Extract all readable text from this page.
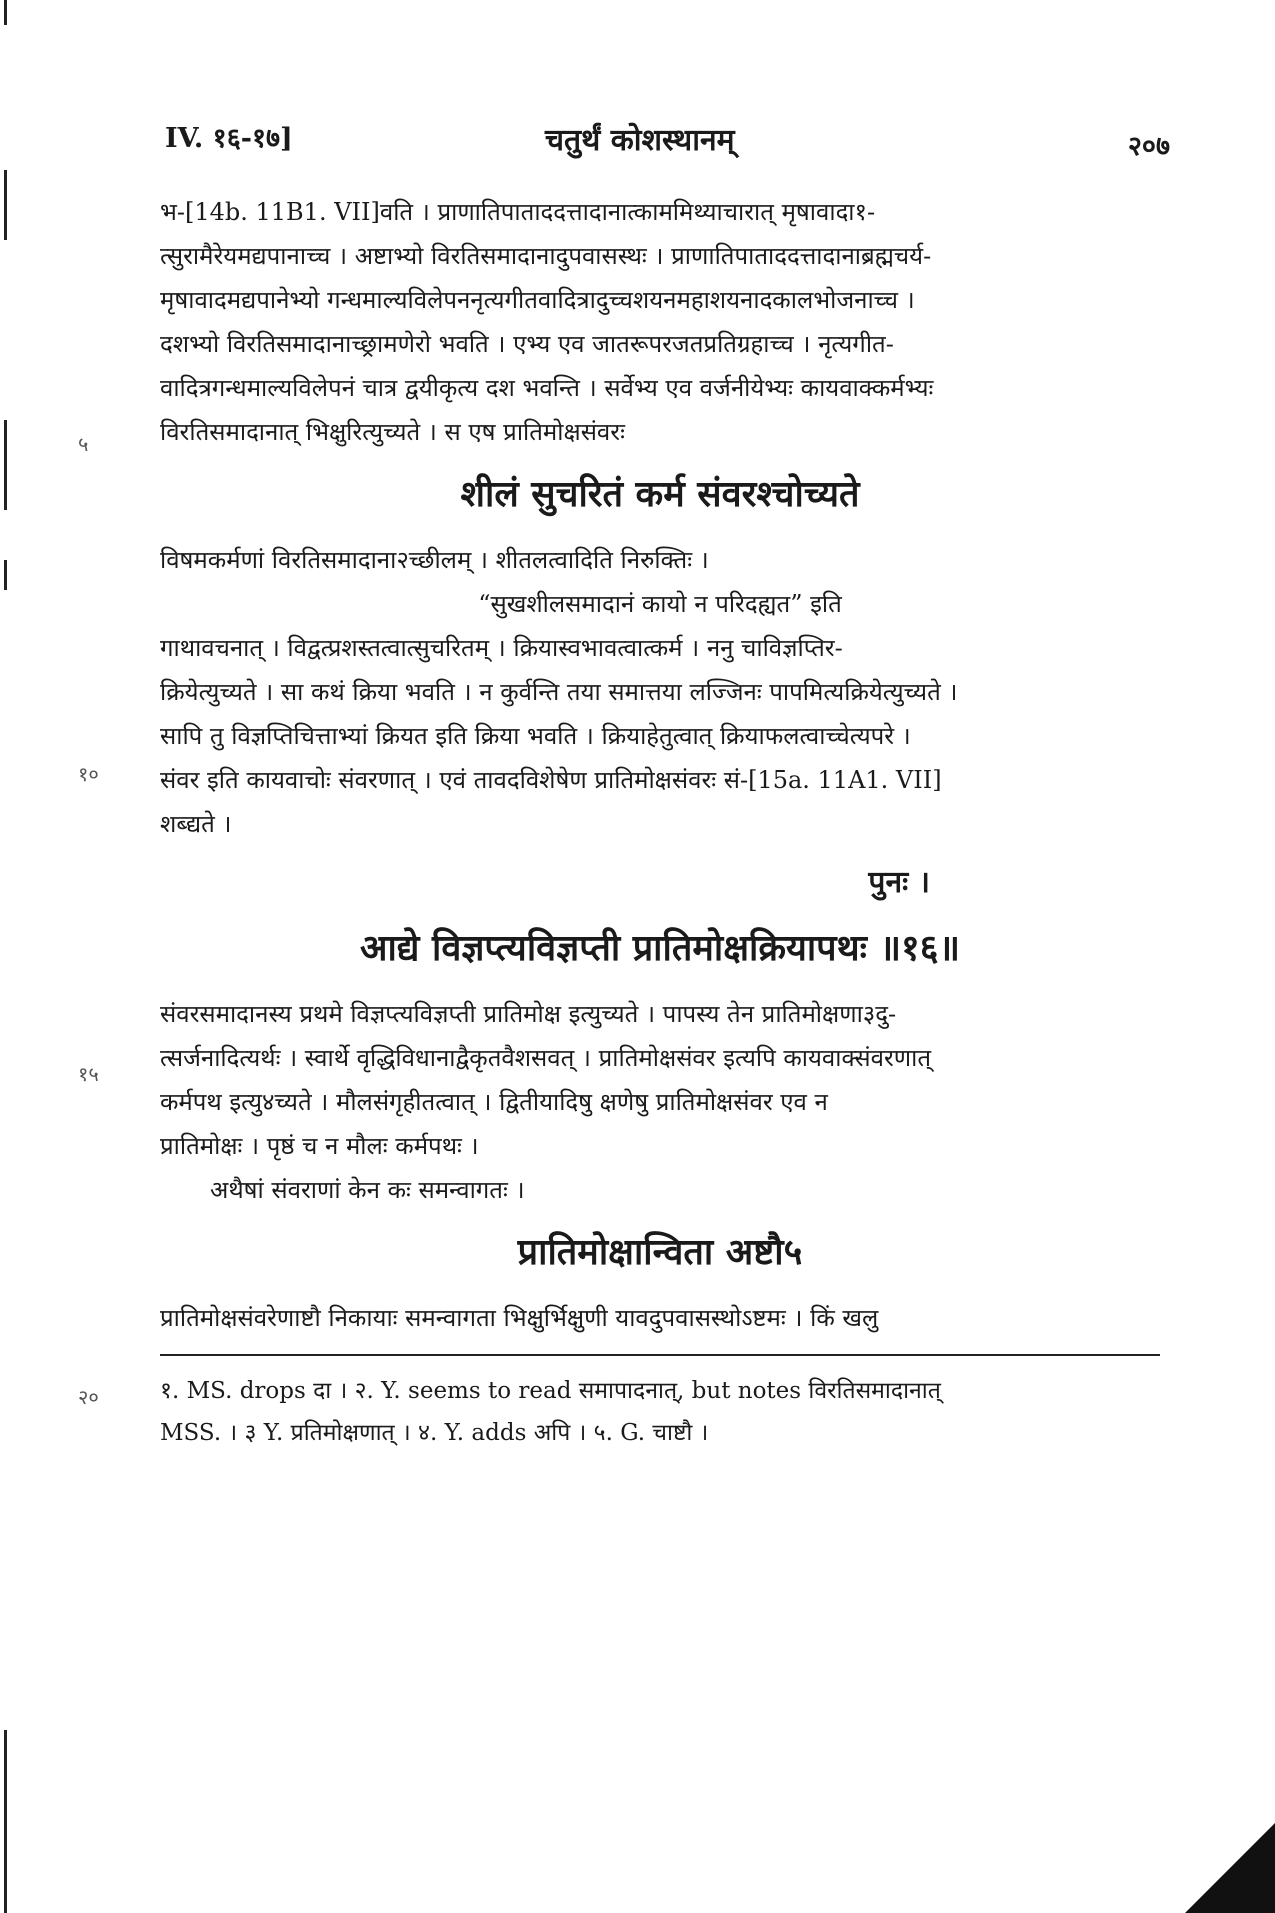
IV. १६-१७]	चतुर्थं कोशस्थानम्	२०७
५
१०
१५
२०
भ-[14b. 11B1. VII]वति । प्राणातिपाताददत्तादानात्काममिथ्याचारात् मृषावादा१-
त्सुरामैरेयमद्यपानाच्च । अष्टाभ्यो विरतिसमादानादुपवासस्थः । प्राणातिपाताददत्तादानाब्रह्मचर्य-
मृषावादमद्यपानेभ्यो गन्धमाल्यविलेपननृत्यगीतवादित्रादुच्चशयनमहाशयनादकालभोजनाच्च ।
दशभ्यो विरतिसमादानाच्छ्रामणेरो भवति । एभ्य एव जातरूपरजतप्रतिग्रहाच्च । नृत्यगीत-
वादित्रगन्धमाल्यविलेपनं चात्र द्वयीकृत्य दश भवन्ति । सर्वेभ्य एव वर्जनीयेभ्यः कायवाक्कर्मभ्यः
विरतिसमादानात् भिक्षुरित्युच्यते । स एष प्रातिमोक्षसंवरः
शीलं सुचरितं कर्म संवरश्चोच्यते
विषमकर्मणां विरतिसमादाना२च्छीलम् । शीतलत्वादिति निरुक्तिः ।
“सुखशीलसमादानं कायो न परिदह्यत” इति
गाथावचनात् । विद्वत्प्रशस्तत्वात्सुचरितम् । क्रियास्वभावत्वात्कर्म । ननु चाविज्ञप्तिर-
क्रियेत्युच्यते । सा कथं क्रिया भवति । न कुर्वन्ति तया समात्तया लज्जिनः पापमित्यक्रियेत्युच्यते ।
सापि तु विज्ञप्तिचित्ताभ्यां क्रियत इति क्रिया भवति । क्रियाहेतुत्वात् क्रियाफलत्वाच्चेत्यपरे ।
संवर इति कायवाचोः संवरणात् । एवं तावदविशेषेण प्रातिमोक्षसंवरः सं-[15a. 11A1. VII]
शब्द्यते ।
पुनः ।
आद्ये विज्ञप्त्यविज्ञप्ती प्रातिमोक्षक्रियापथः ॥१६॥
संवरसमादानस्य प्रथमे विज्ञप्त्यविज्ञप्ती प्रातिमोक्ष इत्युच्यते । पापस्य तेन प्रातिमोक्षणा३दु-
त्सर्जनादित्यर्थः । स्वार्थे वृद्धिविधानाद्वैकृतवैशसवत् । प्रातिमोक्षसंवर इत्यपि कायवाक्संवरणात्
कर्मपथ इत्यु४च्यते । मौलसंगृहीतत्वात् । द्वितीयादिषु क्षणेषु प्रातिमोक्षसंवर एव न
प्रातिमोक्षः । पृष्ठं च न मौलः कर्मपथः ।
अथैषां संवराणां केन कः समन्वागतः ।
प्रातिमोक्षान्विता अष्टौ५
प्रातिमोक्षसंवरेणाष्टौ निकायाः समन्वागता भिक्षुर्भिक्षुणी यावदुपवासस्थोऽष्टमः । किं खलु
१. MS. drops दा । २. Y. seems to read समापादनात्, but notes विरतिसमादानात्
MSS. । ३ Y. प्रतिमोक्षणात् । ४. Y. adds अपि । ५. G. चाष्टौ ।
